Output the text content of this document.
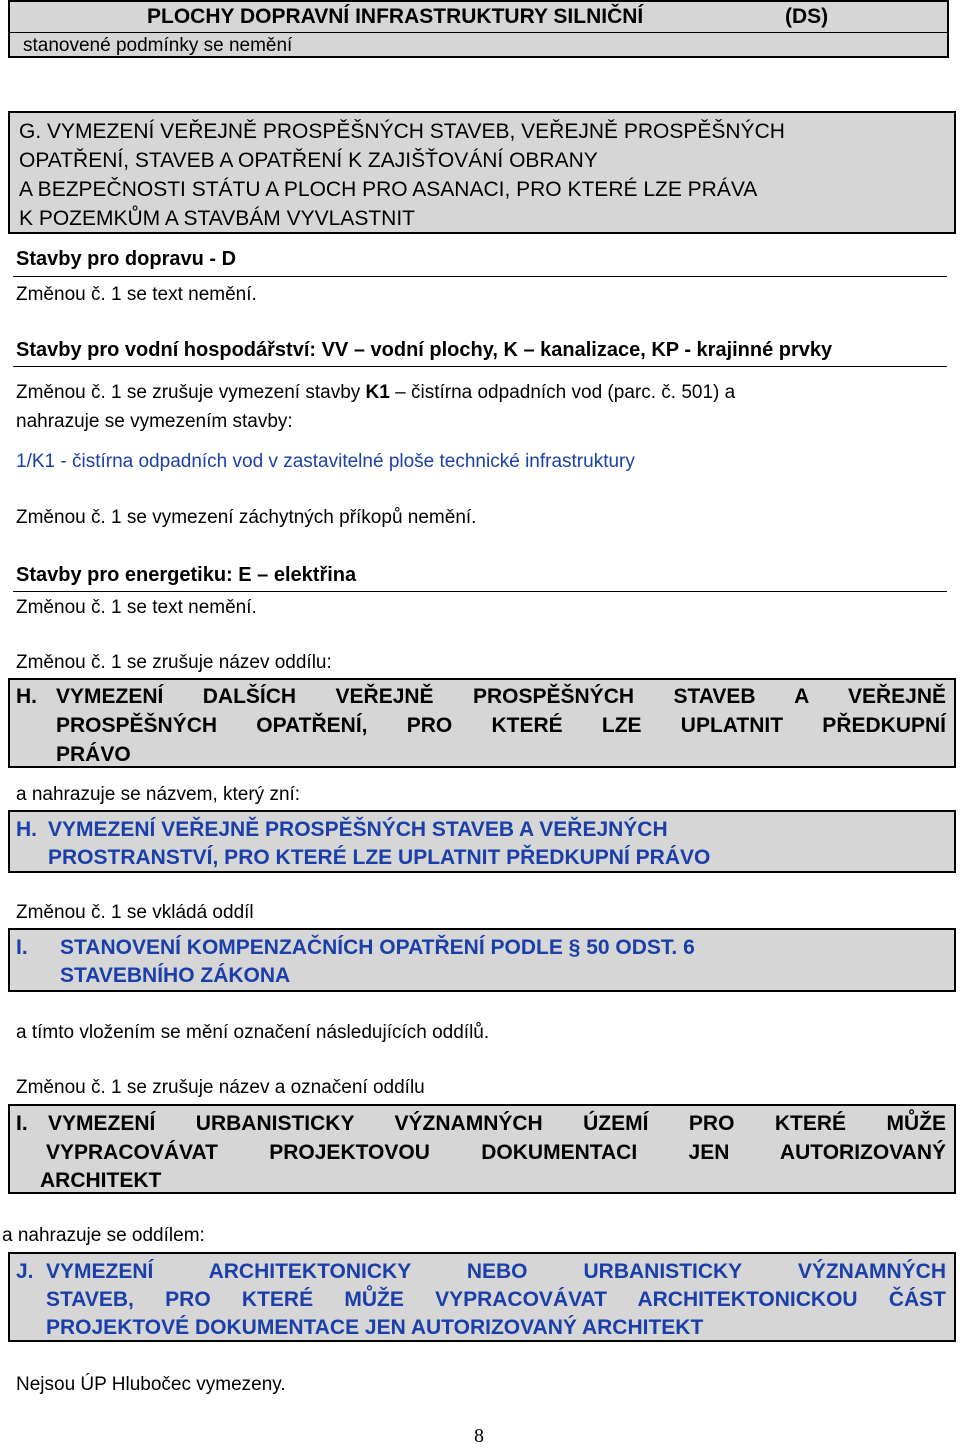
PLOCHY DOPRAVNÍ INFRASTRUKTURY SILNIČNÍ	(DS)
stanovené podmínky se nemění
G. VYMEZENÍ VEŘEJNĚ PROSPĚŠNÝCH STAVEB, VEŘEJNĚ PROSPĚŠNÝCH
OPATŘENÍ, STAVEB A OPATŘENÍ K ZAJIŠŤOVÁNÍ OBRANY
A BEZPEČNOSTI STÁTU A PLOCH PRO ASANACI, PRO KTERÉ LZE PRÁVA
K POZEMKŮM A STAVBÁM VYVLASTNIT
Stavby pro dopravu - D
Změnou č. 1 se text nemění.
Stavby pro vodní hospodářství: VV – vodní plochy, K – kanalizace, KP - krajinné prvky
Změnou č. 1 se zrušuje vymezení stavby K1 – čistírna odpadních vod (parc. č. 501) a
nahrazuje se vymezením stavby:
1/K1 - čistírna odpadních vod v zastavitelné ploše technické infrastruktury
Změnou č. 1 se vymezení záchytných příkopů nemění.
Stavby pro energetiku: E – elektřina
Změnou č. 1 se text nemění.
Změnou č. 1 se zrušuje název oddílu:
H. VYMEZENÍ DALŠÍCH VEŘEJNĚ PROSPĚŠNÝCH STAVEB A VEŘEJNĚ
PROSPĚŠNÝCH OPATŘENÍ, PRO KTERÉ LZE UPLATNIT PŘEDKUPNÍ
PRÁVO
a nahrazuje se názvem, který zní:
H. VYMEZENÍ VEŘEJNĚ PROSPĚŠNÝCH STAVEB A VEŘEJNÝCH
PROSTRANSTVÍ, PRO KTERÉ LZE UPLATNIT PŘEDKUPNÍ PRÁVO
Změnou č. 1 se vkládá oddíl
I. STANOVENÍ KOMPENZAČNÍCH OPATŘENÍ PODLE § 50 ODST. 6
STAVEBNÍHO ZÁKONA
a tímto vložením se mění označení následujících oddílů.
Změnou č. 1 se zrušuje název a označení oddílu
I. VYMEZENÍ URBANISTICKY VÝZNAMNÝCH ÚZEMÍ PRO KTERÉ MŮŽE
VYPRACOVÁVAT PROJEKTOVOU DOKUMENTACI JEN AUTORIZOVANÝ
ARCHITEKT
a nahrazuje se oddílem:
J. VYMEZENÍ ARCHITEKTONICKY NEBO URBANISTICKY VÝZNAMNÝCH
STAVEB, PRO KTERÉ MŮŽE VYPRACOVÁVAT ARCHITEKTONICKOU ČÁST
PROJEKTOVÉ DOKUMENTACE JEN AUTORIZOVANÝ ARCHITEKT
Nejsou ÚP Hlubočec vymezeny.
8
